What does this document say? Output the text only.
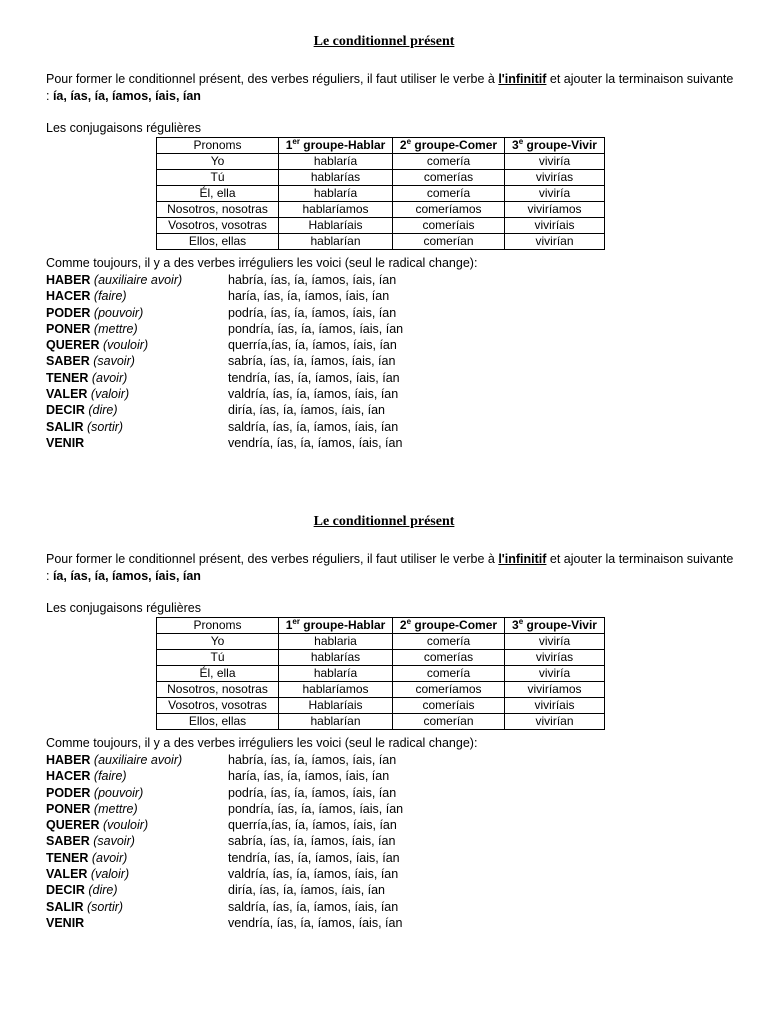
Le conditionnel présent

Pour former le conditionnel présent, des verbes réguliers, il faut utiliser le verbe à l'infinitif et ajouter la terminaison suivante : ía, ías, ía, íamos, íais, ían

Les conjugaisons régulières

Pronoms	1er groupe-Hablar	2e groupe-Comer	3e groupe-Vivir
Yo	hablaría	comería	viviría
Tú	hablarías	comerías	vivirías
Él, ella	hablaría	comería	viviría
Nosotros, nosotras	hablaríamos	comeríamos	viviríamos
Vosotros, vosotras	Hablaríais	comeríais	viviríais
Ellos, ellas	hablarían	comerían	vivirían

Comme toujours, il y a des verbes irréguliers les voici (seul le radical change):

HABER (auxiliaire avoir)	habría, ías, ía, íamos, íais, ían
HACER (faire)	haría, ías, ía, íamos, íais, ían
PODER (pouvoir)	podría, ías, ía, íamos, íais, ían
PONER (mettre)	pondría, ías, ía, íamos, íais, ían
QUERER (vouloir)	querría,ías, ía, íamos, íais, ían
SABER (savoir)	sabría, ías, ía, íamos, íais, ían
TENER (avoir)	tendría, ías, ía, íamos, íais, ían
VALER (valoir)	valdría, ías, ía, íamos, íais, ían
DECIR (dire)	diría, ías, ía, íamos, íais, ían
SALIR (sortir)	saldría, ías, ía, íamos, íais, ían
VENIR	vendría, ías, ía, íamos, íais, ían
Le conditionnel présent

Pour former le conditionnel présent, des verbes réguliers, il faut utiliser le verbe à l'infinitif et ajouter la terminaison suivante : ía, ías, ía, íamos, íais, ían

Les conjugaisons régulières

Pronoms	1er groupe-Hablar	2e groupe-Comer	3e groupe-Vivir
Yo	hablaria	comería	viviría
Tú	hablarías	comerías	vivirías
Él, ella	hablaría	comería	viviría
Nosotros, nosotras	hablaríamos	comeríamos	viviríamos
Vosotros, vosotras	Hablaríais	comeríais	viviríais
Ellos, ellas	hablarían	comerían	vivirían

Comme toujours, il y a des verbes irréguliers les voici (seul le radical change):

HABER (auxiliaire avoir)	habría, ías, ía, íamos, íais, ían
HACER (faire)	haría, ías, ía, íamos, íais, ían
PODER (pouvoir)	podría, ías, ía, íamos, íais, ían
PONER (mettre)	pondría, ías, ía, íamos, íais, ían
QUERER (vouloir)	querría,ías, ía, íamos, íais, ían
SABER (savoir)	sabría, ías, ía, íamos, íais, ían
TENER (avoir)	tendría, ías, ía, íamos, íais, ían
VALER (valoir)	valdría, ías, ía, íamos, íais, ían
DECIR (dire)	diría, ías, ía, íamos, íais, ían
SALIR (sortir)	saldría, ías, ía, íamos, íais, ían
VENIR	vendría, ías, ía, íamos, íais, ían
